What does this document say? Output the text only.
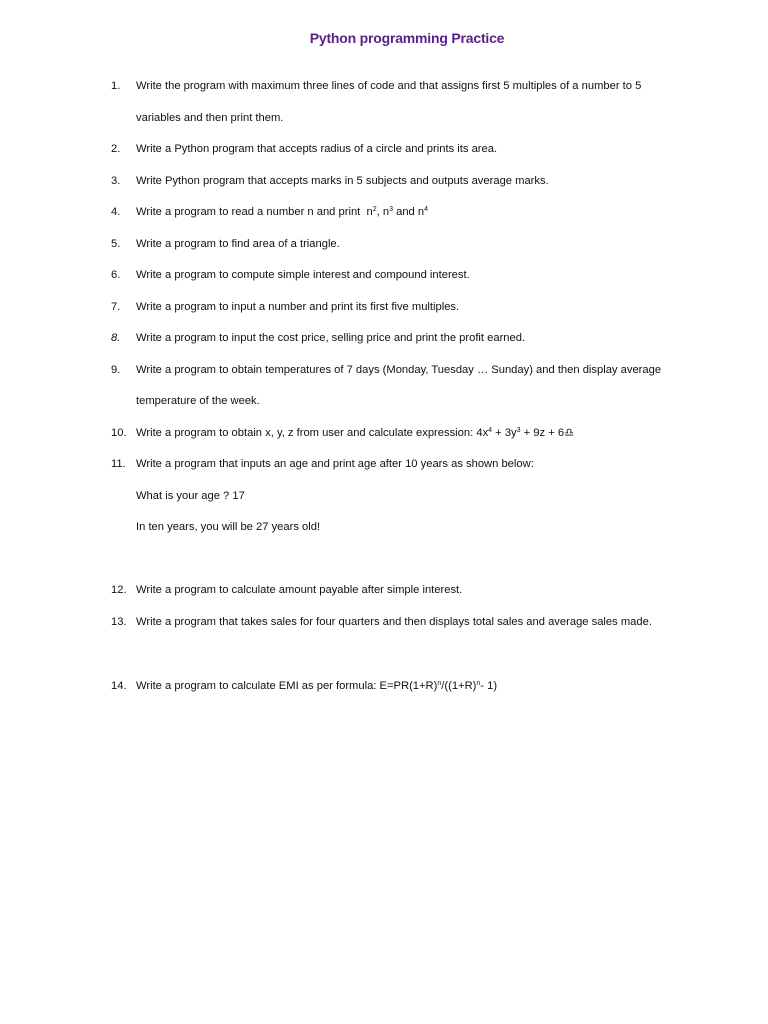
Python programming Practice
1. Write the program with maximum three lines of code and that assigns first 5 multiples of a number to 5
variables and then print them.
2. Write a Python program that accepts radius of a circle and prints its area.
3. Write Python program that accepts marks in 5 subjects and outputs average marks.
4. Write a program to read a number n and print $n^2$, $n^3$ and $n^4$
5. Write a program to find area of a triangle.
6. Write a program to compute simple interest and compound interest.
7. Write a program to input a number and print its first five multiples.
8. Write a program to input the cost price, selling price and print the profit earned.
9. Write a program to obtain temperatures of 7 days (Monday, Tuesday … Sunday) and then display average
temperature of the week.
10. Write a program to obtain x, y, z from user and calculate expression: $4x^4 + 3y^3 + 9z$ + 6♎
11. Write a program that inputs an age and print age after 10 years as shown below:
What is your age ? 17
In ten years, you will be 27 years old!
12. Write a program to calculate amount payable after simple interest.
13. Write a program that takes sales for four quarters and then displays total sales and average sales made.
14. Write a program to calculate EMI as per formula: $E=PR(1+R)^n/((1+R)^n-$ 1)
